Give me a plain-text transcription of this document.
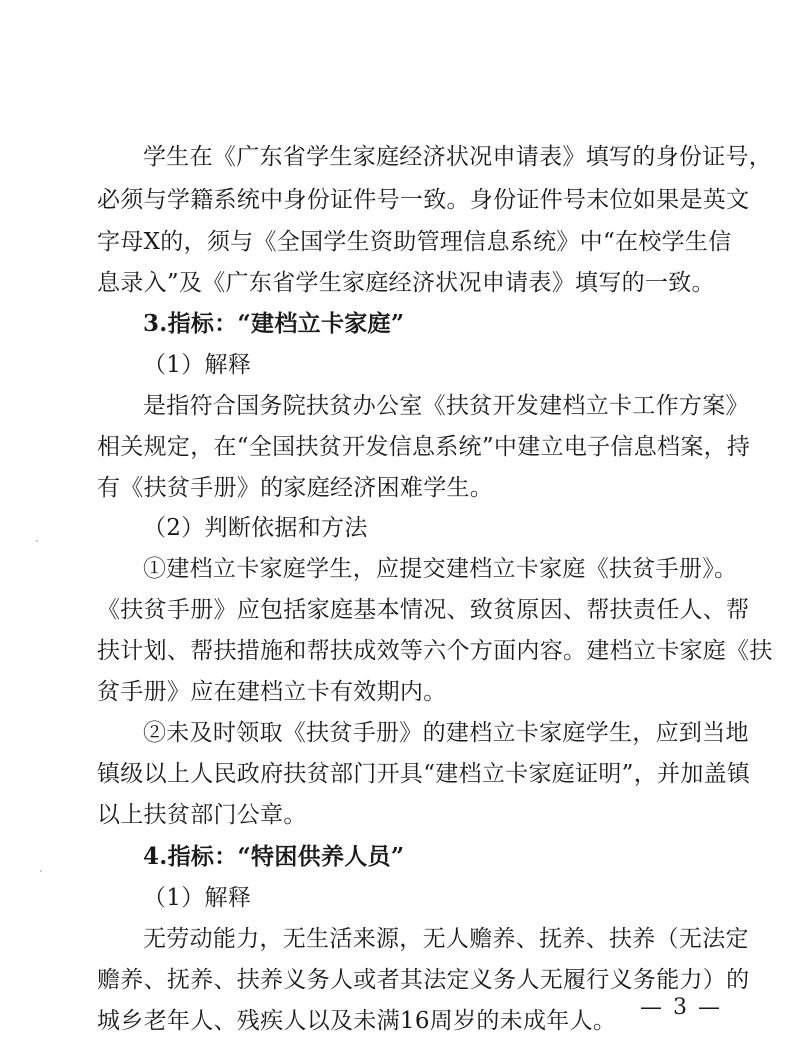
学生在《广东省学生家庭经济状况申请表》填写的身份证号，
必须与学籍系统中身份证件号一致。身份证件号末位如果是英文
字母X的，须与《全国学生资助管理信息系统》中“在校学生信
息录入”及《广东省学生家庭经济状况申请表》填写的一致。
3.指标：“建档立卡家庭”
（1）解释
是指符合国务院扶贫办公室《扶贫开发建档立卡工作方案》
相关规定，在“全国扶贫开发信息系统”中建立电子信息档案，持
有《扶贫手册》的家庭经济困难学生。
（2）判断依据和方法
①建档立卡家庭学生，应提交建档立卡家庭《扶贫手册》。
《扶贫手册》应包括家庭基本情况、致贫原因、帮扶责任人、帮
扶计划、帮扶措施和帮扶成效等六个方面内容。建档立卡家庭《扶
贫手册》应在建档立卡有效期内。
②未及时领取《扶贫手册》的建档立卡家庭学生，应到当地
镇级以上人民政府扶贫部门开具“建档立卡家庭证明”，并加盖镇
以上扶贫部门公章。
4.指标：“特困供养人员”
（1）解释
无劳动能力，无生活来源，无人赡养、抚养、扶养（无法定
赡养、抚养、扶养义务人或者其法定义务人无履行义务能力）的
城乡老年人、残疾人以及未满16周岁的未成年人。
— 3 —
